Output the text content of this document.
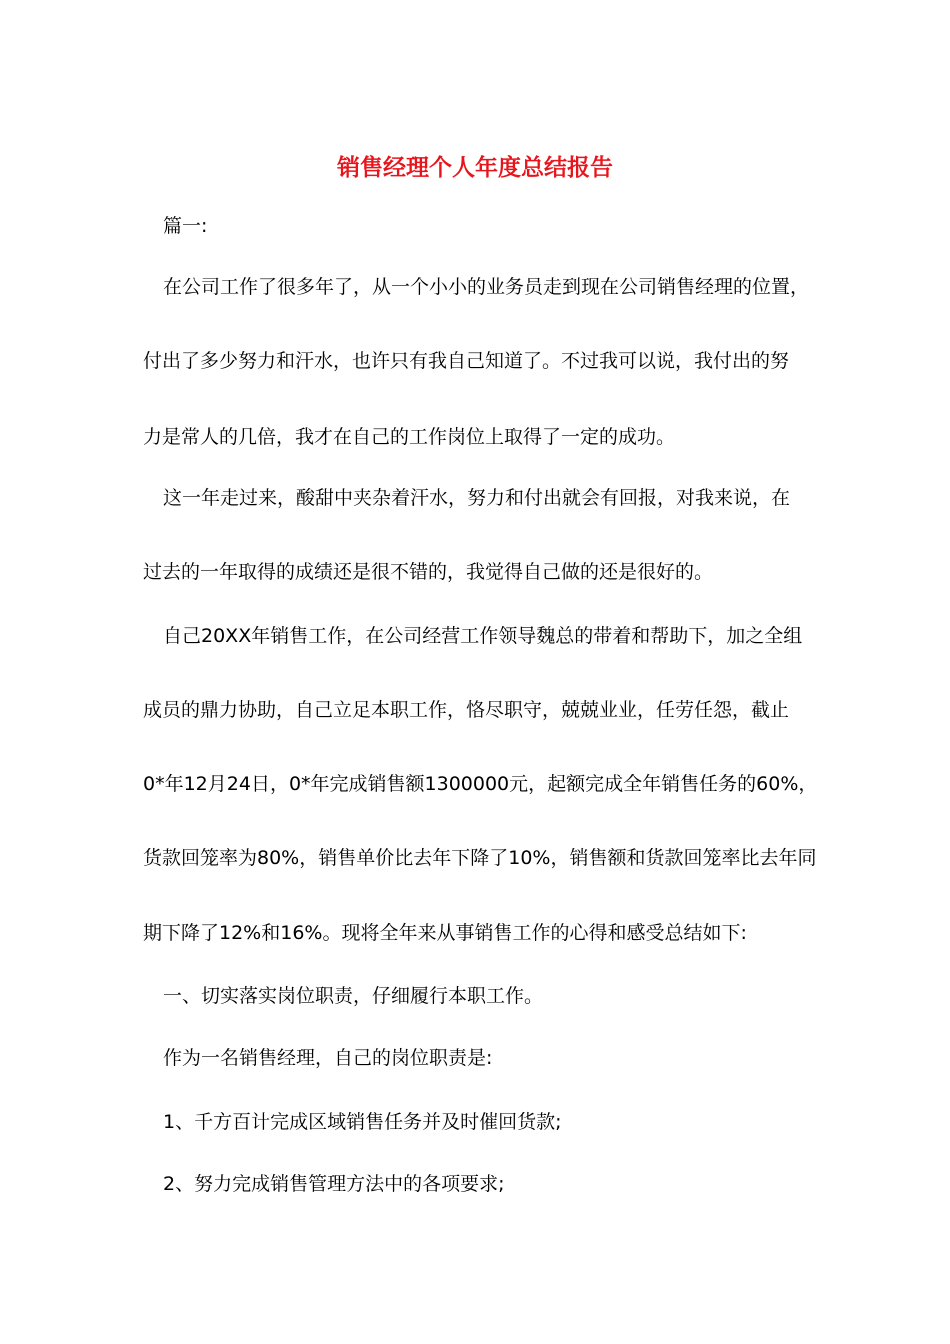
销售经理个人年度总结报告

篇一:

在公司工作了很多年了，从一个小小的业务员走到现在公司销售经理的位置，

付出了多少努力和汗水，也许只有我自己知道了。不过我可以说，我付出的努

力是常人的几倍，我才在自己的工作岗位上取得了一定的成功。

这一年走过来，酸甜中夹杂着汗水，努力和付出就会有回报，对我来说，在

过去的一年取得的成绩还是很不错的，我觉得自己做的还是很好的。

自己20XX年销售工作，在公司经营工作领导魏总的带着和帮助下，加之全组

成员的鼎力协助，自己立足本职工作，恪尽职守，兢兢业业，任劳任怨，截止

0*年12月24日，0*年完成销售额1300000元，起额完成全年销售任务的60%，

货款回笼率为80%，销售单价比去年下降了10%，销售额和货款回笼率比去年同

期下降了12%和16%。现将全年来从事销售工作的心得和感受总结如下:

一、切实落实岗位职责，仔细履行本职工作。

作为一名销售经理，自己的岗位职责是:

1、千方百计完成区域销售任务并及时催回货款;

2、努力完成销售管理方法中的各项要求;
